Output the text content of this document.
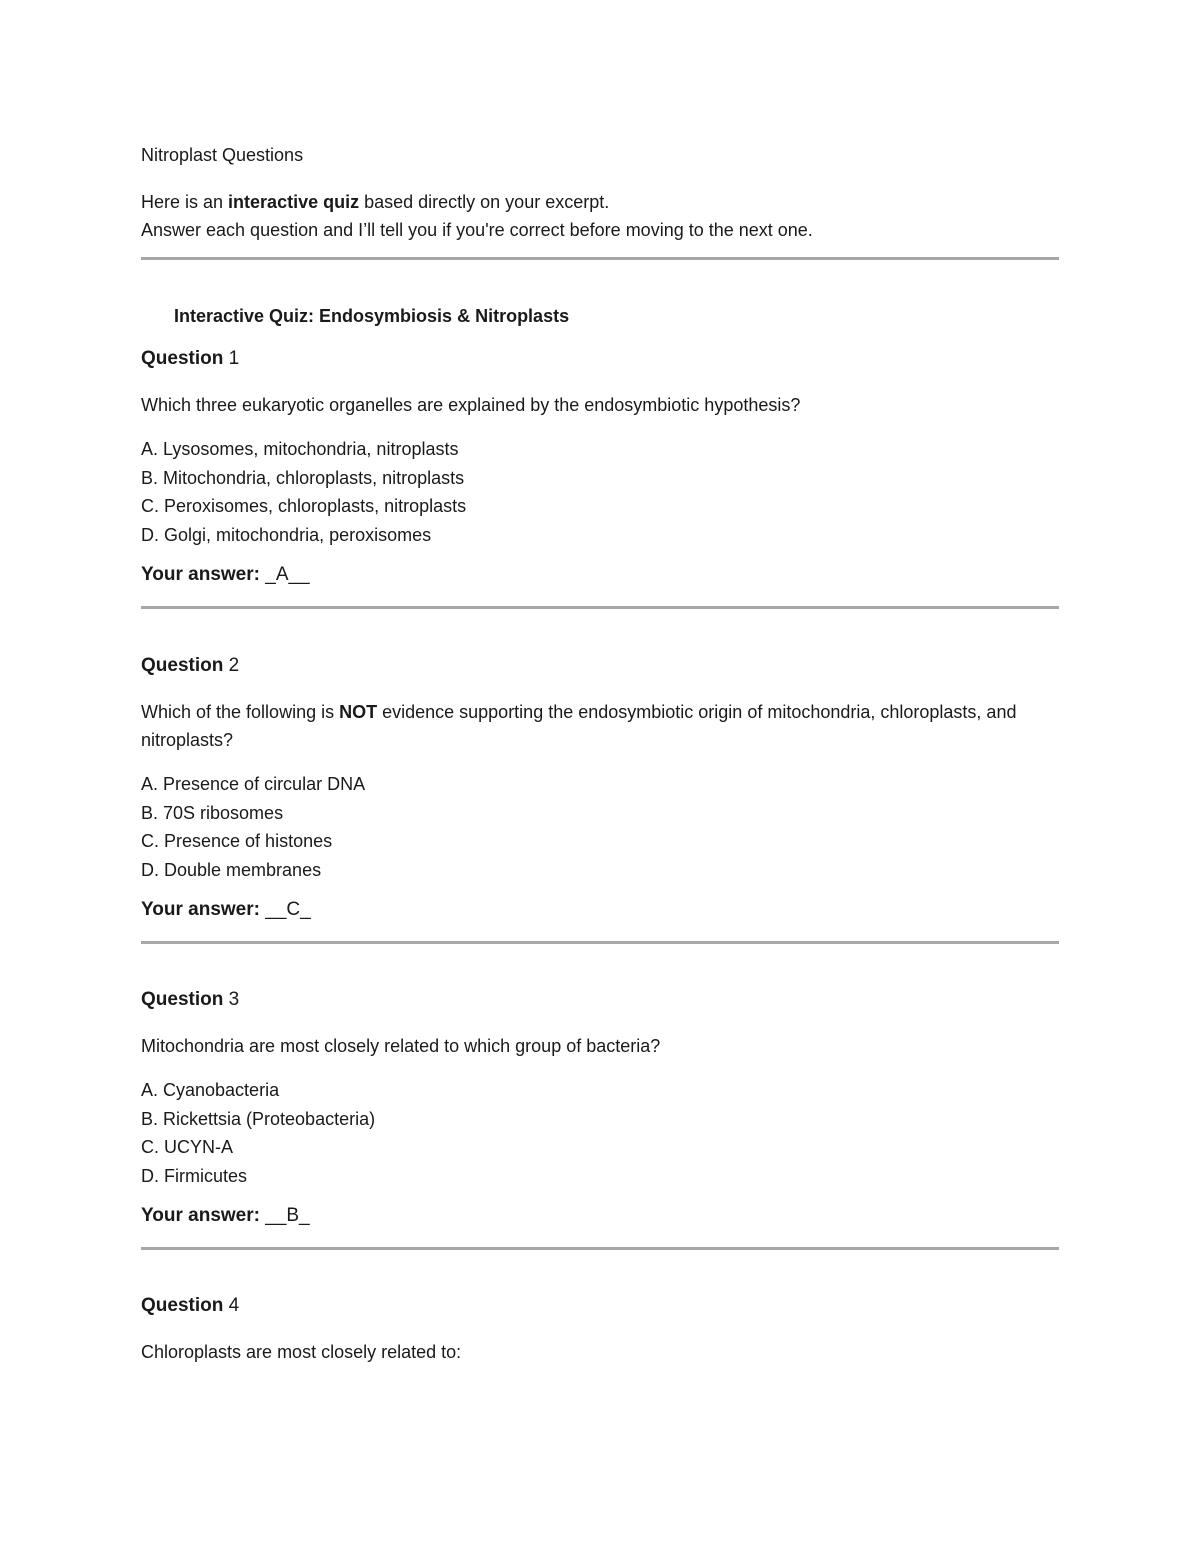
Nitroplast Questions

Here is an interactive quiz based directly on your excerpt.
Answer each question and I’ll tell you if you're correct before moving to the next one.

Interactive Quiz: Endosymbiosis & Nitroplasts

Question 1

Which three eukaryotic organelles are explained by the endosymbiotic hypothesis?

A. Lysosomes, mitochondria, nitroplasts
B. Mitochondria, chloroplasts, nitroplasts
C. Peroxisomes, chloroplasts, nitroplasts
D. Golgi, mitochondria, peroxisomes

Your answer: _A__

Question 2

Which of the following is NOT evidence supporting the endosymbiotic origin of mitochondria, chloroplasts, and nitroplasts?

A. Presence of circular DNA
B. 70S ribosomes
C. Presence of histones
D. Double membranes

Your answer: __C_

Question 3

Mitochondria are most closely related to which group of bacteria?

A. Cyanobacteria
B. Rickettsia (Proteobacteria)
C. UCYN-A
D. Firmicutes

Your answer: __B_

Question 4

Chloroplasts are most closely related to:
